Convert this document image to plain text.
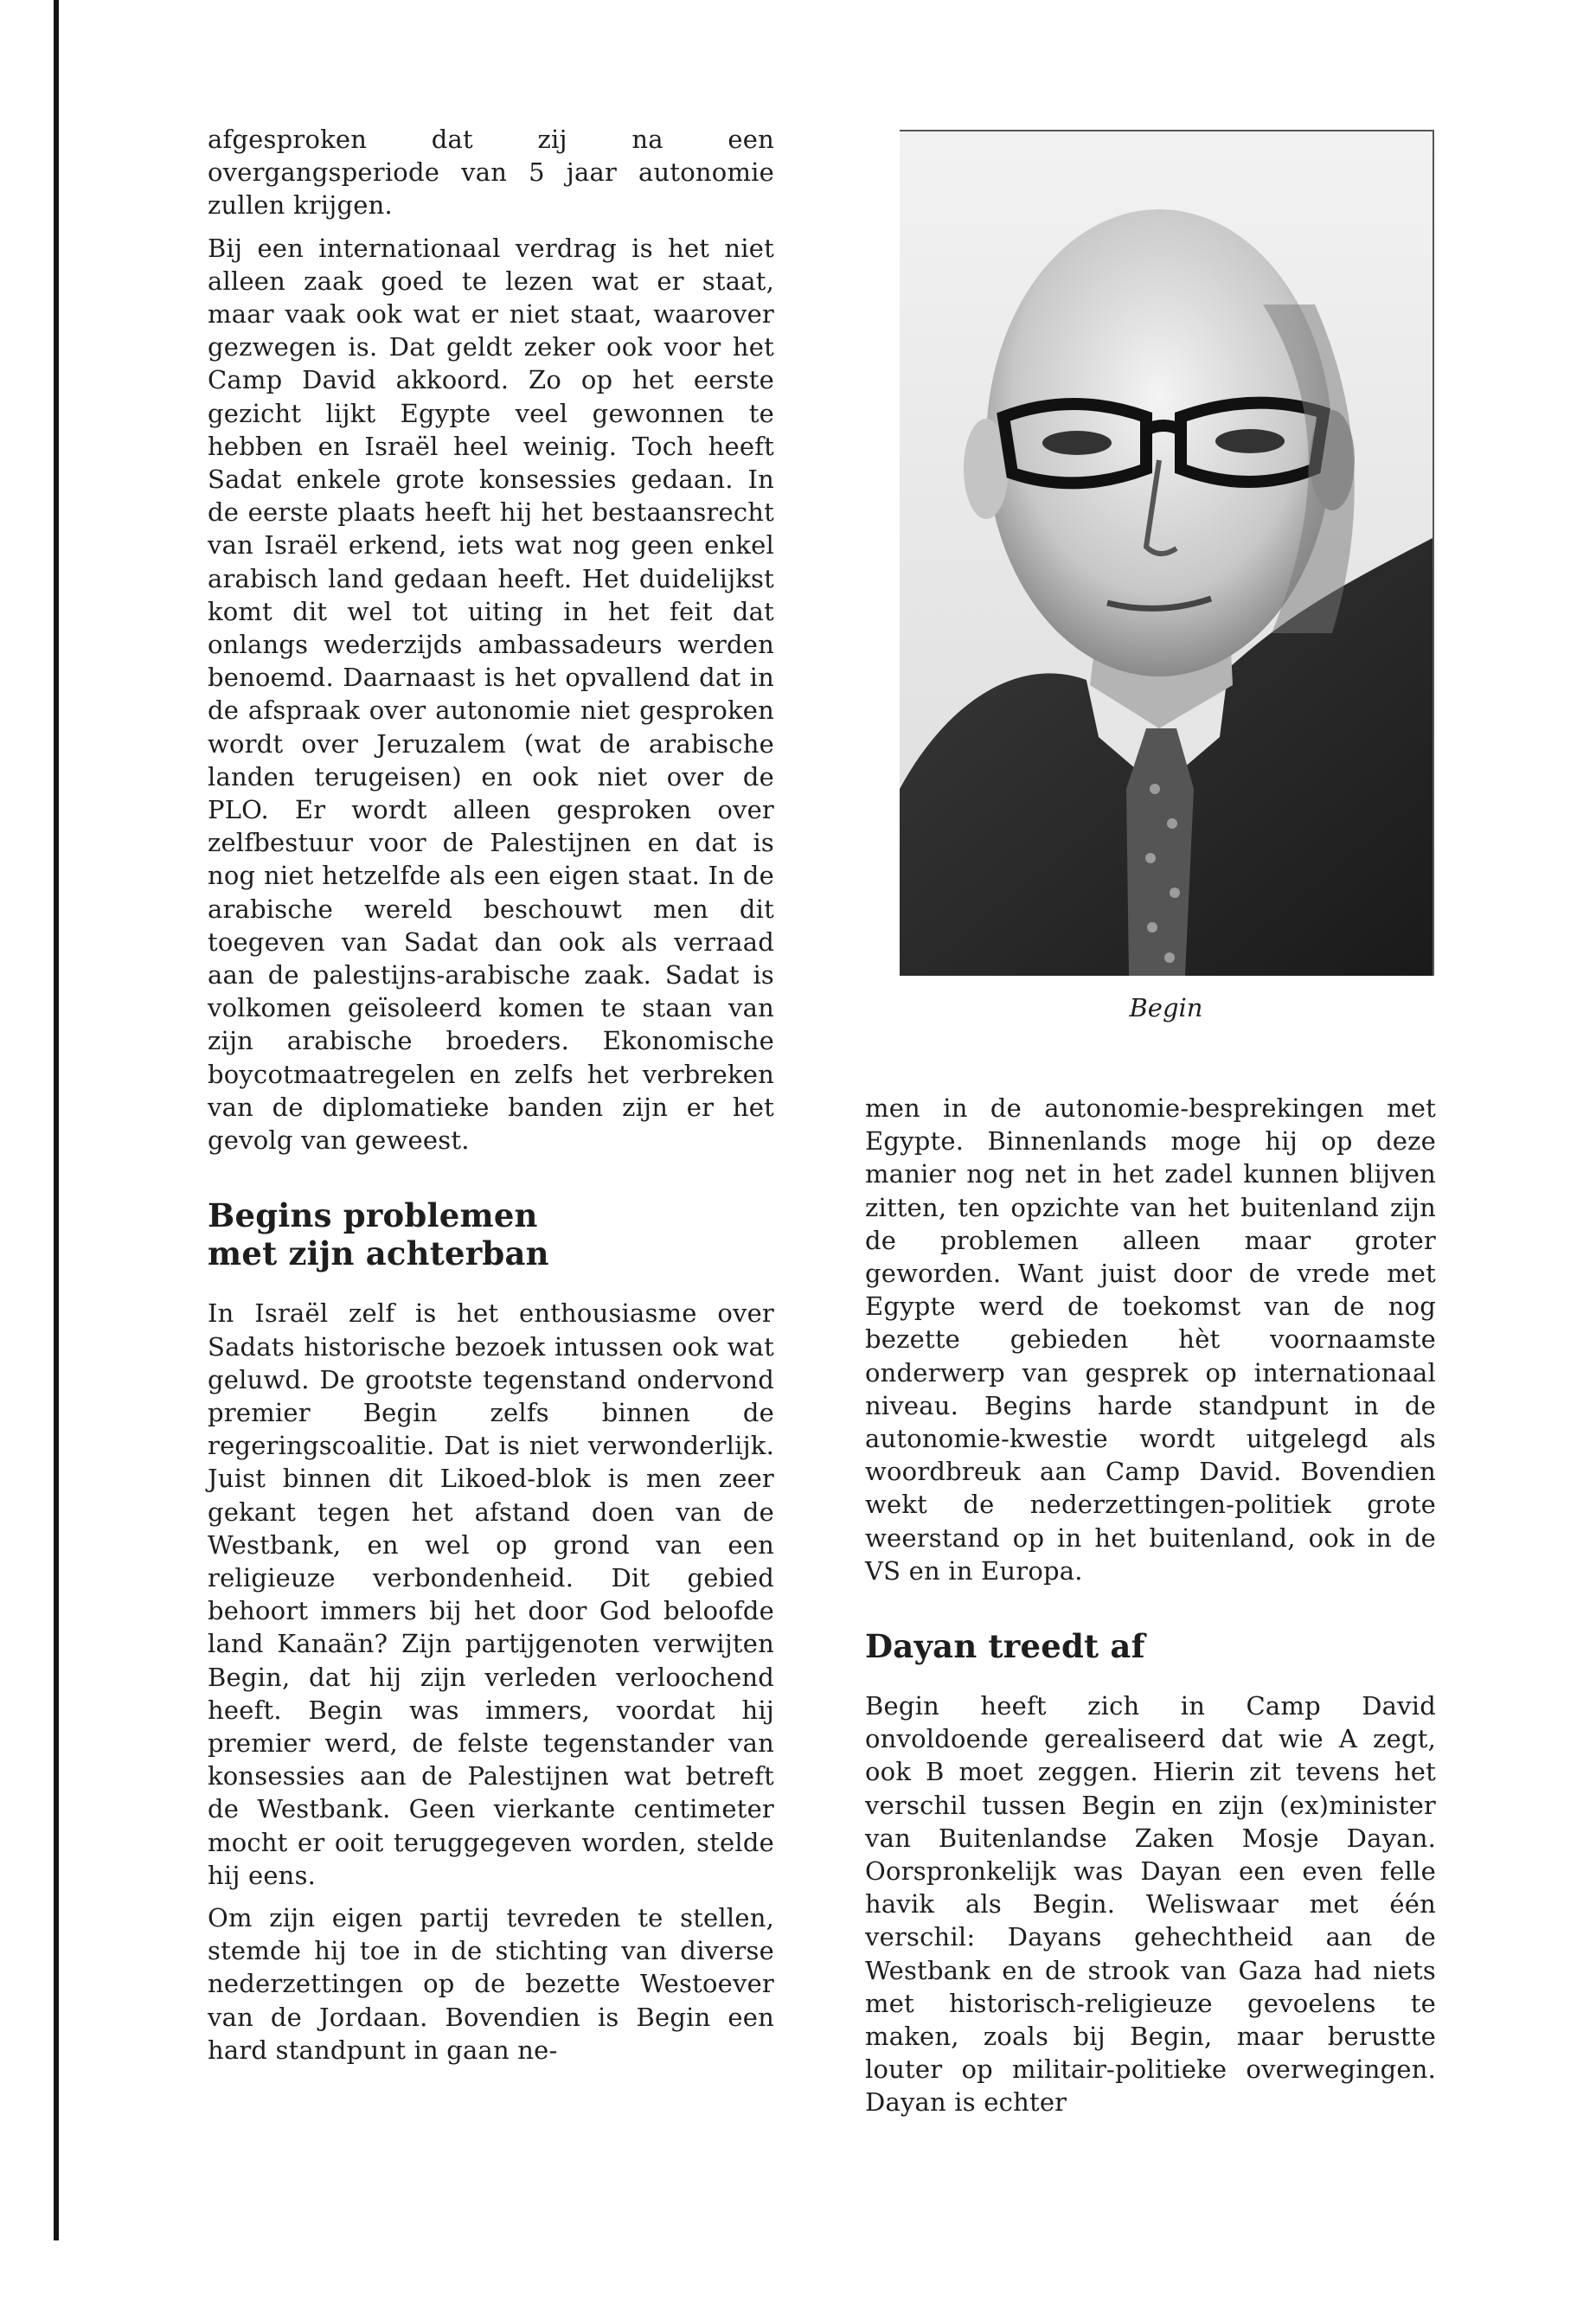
afgesproken dat zij na een overgangsperiode van 5 jaar autonomie zullen krijgen.

Bij een internationaal verdrag is het niet alleen zaak goed te lezen wat er staat, maar vaak ook wat er niet staat, waarover gezwegen is. Dat geldt zeker ook voor het Camp David akkoord. Zo op het eerste gezicht lijkt Egypte veel gewonnen te hebben en Israël heel weinig. Toch heeft Sadat enkele grote konsessies gedaan. In de eerste plaats heeft hij het bestaansrecht van Israël erkend, iets wat nog geen enkel arabisch land gedaan heeft. Het duidelijkst komt dit wel tot uiting in het feit dat onlangs wederzijds ambassadeurs werden benoemd. Daarnaast is het opvallend dat in de afspraak over autonomie niet gesproken wordt over Jeruzalem (wat de arabische landen terugeisen) en ook niet over de PLO. Er wordt alleen gesproken over zelfbestuur voor de Palestijnen en dat is nog niet hetzelfde als een eigen staat. In de arabische wereld beschouwt men dit toegeven van Sadat dan ook als verraad aan de palestijns-arabische zaak. Sadat is volkomen geïsoleerd komen te staan van zijn arabische broeders. Ekonomische boycotmaatregelen en zelfs het verbreken van de diplomatieke banden zijn er het gevolg van geweest.

Begins problemen
met zijn achterban

In Israël zelf is het enthousiasme over Sadats historische bezoek intussen ook wat geluwd. De grootste tegenstand ondervond premier Begin zelfs binnen de regeringscoalitie. Dat is niet verwonderlijk. Juist binnen dit Likoed-blok is men zeer gekant tegen het afstand doen van de Westbank, en wel op grond van een religieuze verbondenheid. Dit gebied behoort immers bij het door God beloofde land Kanaän? Zijn partijgenoten verwijten Begin, dat hij zijn verleden verloochend heeft. Begin was immers, voordat hij premier werd, de felste tegenstander van konsessies aan de Palestijnen wat betreft de Westbank. Geen vierkante centimeter mocht er ooit teruggegeven worden, stelde hij eens.

Om zijn eigen partij tevreden te stellen, stemde hij toe in de stichting van diverse nederzettingen op de bezette Westoever van de Jordaan. Bovendien is Begin een hard standpunt in gaan ne-

Begin

men in de autonomie-besprekingen met Egypte. Binnenlands moge hij op deze manier nog net in het zadel kunnen blijven zitten, ten opzichte van het buitenland zijn de problemen alleen maar groter geworden. Want juist door de vrede met Egypte werd de toekomst van de nog bezette gebieden hèt voornaamste onderwerp van gesprek op internationaal niveau. Begins harde standpunt in de autonomie-kwestie wordt uitgelegd als woordbreuk aan Camp David. Bovendien wekt de nederzettingen-politiek grote weerstand op in het buitenland, ook in de VS en in Europa.

Dayan treedt af

Begin heeft zich in Camp David onvoldoende gerealiseerd dat wie A zegt, ook B moet zeggen. Hierin zit tevens het verschil tussen Begin en zijn (ex)minister van Buitenlandse Zaken Mosje Dayan. Oorspronkelijk was Dayan een even felle havik als Begin. Weliswaar met één verschil: Dayans gehechtheid aan de Westbank en de strook van Gaza had niets met historisch-religieuze gevoelens te maken, zoals bij Begin, maar berustte louter op militair-politieke overwegingen. Dayan is echter
